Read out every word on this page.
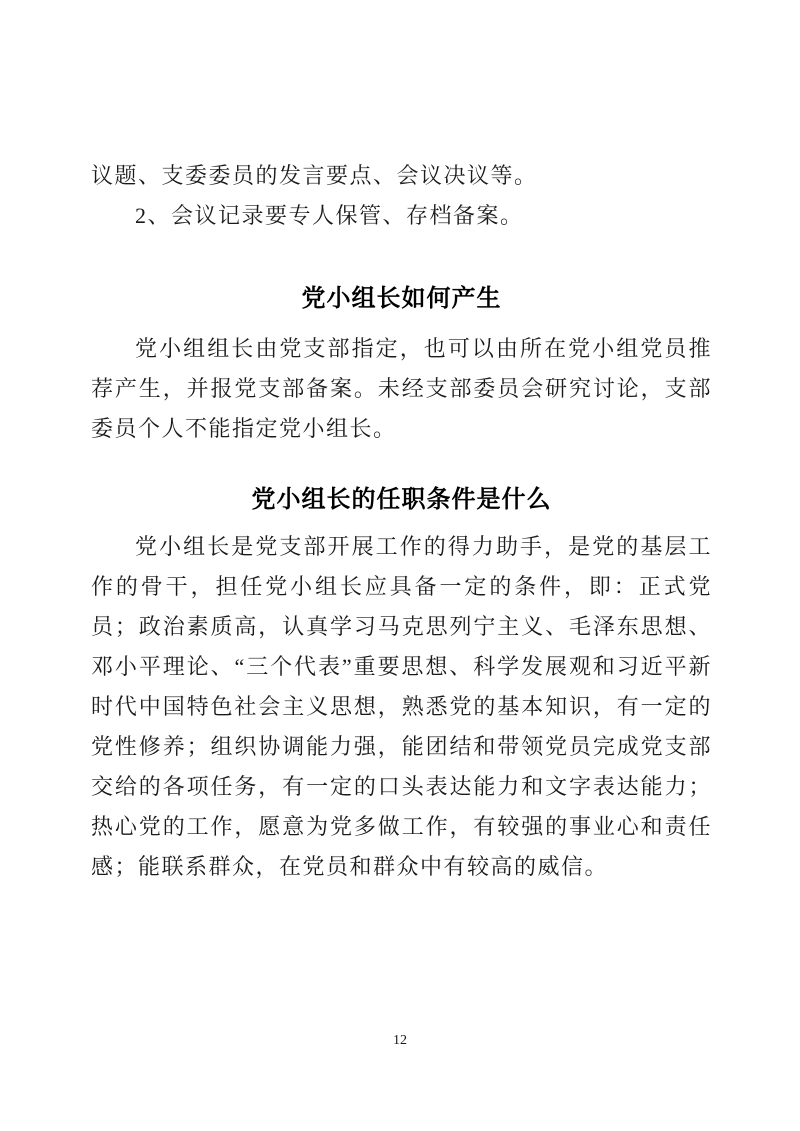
议题、支委委员的发言要点、会议决议等。

2、会议记录要专人保管、存档备案。

党小组长如何产生

党小组组长由党支部指定，也可以由所在党小组党员推荐产生，并报党支部备案。未经支部委员会研究讨论，支部委员个人不能指定党小组长。

党小组长的任职条件是什么

党小组长是党支部开展工作的得力助手，是党的基层工作的骨干，担任党小组长应具备一定的条件，即：正式党员；政治素质高，认真学习马克思列宁主义、毛泽东思想、邓小平理论、“三个代表”重要思想、科学发展观和习近平新时代中国特色社会主义思想，熟悉党的基本知识，有一定的党性修养；组织协调能力强，能团结和带领党员完成党支部交给的各项任务，有一定的口头表达能力和文字表达能力；热心党的工作，愿意为党多做工作，有较强的事业心和责任感；能联系群众，在党员和群众中有较高的威信。

12
